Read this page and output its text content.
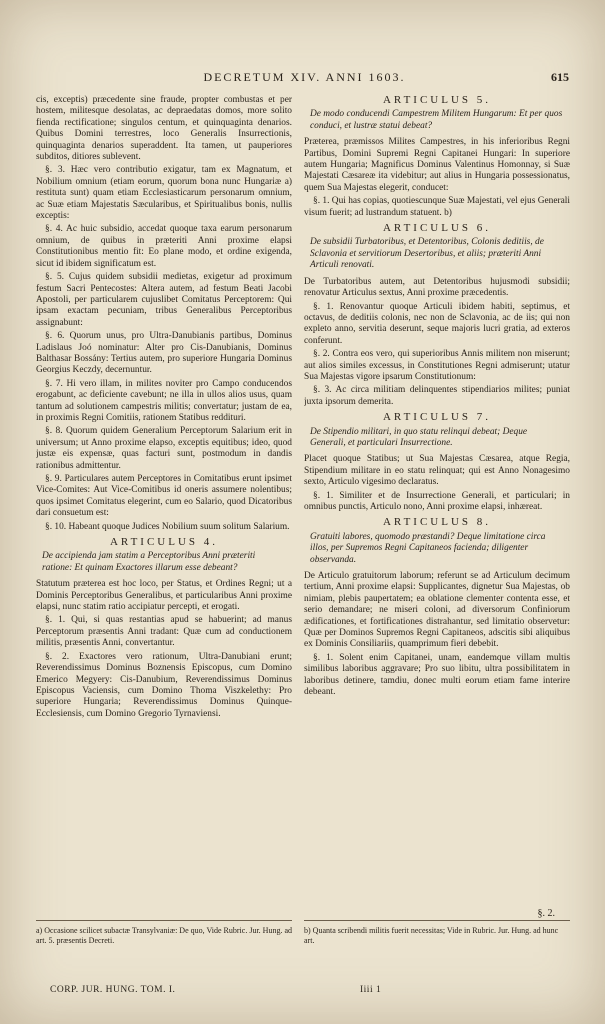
DECRETUM XIV. ANNI 1603.	615

cis, exceptis) præcedente sine fraude, propter combustas et per hostem, militesque desolatas, ac depraedatas domos, more solito fienda rectificatione; singulos centum, et quinquaginta denarios. Quibus Domini terrestres, loco Generalis Insurrectionis, quinquaginta denarios superaddent. Ita tamen, ut pauperiores subditos, ditiores sublevent.

§. 3. Hæc vero contributio exigatur, tam ex Magnatum, et Nobilium omnium (etiam eorum, quorum bona nunc Hungariæ a) restituta sunt) quam etiam Ecclesiasticarum personarum omnium, ac Suæ etiam Majestatis Sæcularibus, et Spiritualibus bonis, nullis exceptis:

§. 4. Ac huic subsidio, accedat quoque taxa earum personarum omnium, de quibus in præteriti Anni proxime elapsi Constitutionibus mentio fit: Eo plane modo, et ordine exigenda, sicut id ibidem significatum est.

§. 5. Cujus quidem subsidii medietas, exigetur ad proximum festum Sacri Pentecostes: Altera autem, ad festum Beati Jacobi Apostoli, per particularem cujuslibet Comitatus Perceptorem: Qui ipsam exactam pecuniam, tribus Generalibus Perceptoribus assignabunt:

§. 6. Quorum unus, pro Ultra-Danubianis partibus, Dominus Ladislaus Joó nominatur: Alter pro Cis-Danubianis, Dominus Balthasar Bossány: Tertius autem, pro superiore Hungaria Dominus Georgius Keczdy, decernuntur.

§. 7. Hi vero illam, in milites noviter pro Campo conducendos erogabunt, ac deficiente cavebunt; ne illa in ullos alios usus, quam tantum ad solutionem campestris militis; convertatur; justam de ea, in proximis Regni Comitiis, rationem Statibus reddituri.

§. 8. Quorum quidem Generalium Perceptorum Salarium erit in universum; ut Anno proxime elapso, exceptis equitibus; ideo, quod justæ eis expensæ, quas facturi sunt, postmodum in dandis rationibus admittentur.

§. 9. Particulares autem Perceptores in Comitatibus erunt ipsimet Vice-Comites: Aut Vice-Comitibus id oneris assumere nolentibus; quos ipsimet Comitatus elegerint, cum eo Salario, quod Dicatoribus dari consuetum est:

§. 10. Habeant quoque Judices Nobilium suum solitum Salarium.

ARTICULUS 4.
De accipienda jam statim a Perceptoribus Anni præteriti ratione: Et quinam Exactores illarum esse debeant?

Statutum præterea est hoc loco, per Status, et Ordines Regni; ut a Dominis Perceptoribus Generalibus, et particularibus Anni proxime elapsi, nunc statim ratio accipiatur percepti, et erogati.

§. 1. Qui, si quas restantias apud se habuerint; ad manus Perceptorum præsentis Anni tradant: Quæ cum ad conductionem militis, præsentis Anni, convertantur.

§. 2. Exactores vero rationum, Ultra-Danubiani erunt; Reverendissimus Dominus Boznensis Episcopus, cum Domino Emerico Megyery: Cis-Danubium, Reverendissimus Dominus Episcopus Vaciensis, cum Domino Thoma Viszkelethy: Pro superiore Hungaria; Reverendissimus Dominus Quinque-Ecclesiensis, cum Domino Gregorio Tyrnaviensi.

ARTICULUS 5.
De modo conducendi Campestrem Militem Hungarum: Et per quos conduci, et lustræ statui debeat?

Præterea, præmissos Milites Campestres, in his inferioribus Regni Partibus, Domini Supremi Regni Capitanei Hungari: In superiore autem Hungaria; Magnificus Dominus Valentinus Homonnay, si Suæ Majestati Cæsareæ ita videbitur; aut alius in Hungaria possessionatus, quem Sua Majestas elegerit, conducet:

§. 1. Qui has copias, quotiescunque Suæ Majestati, vel ejus Generali visum fuerit; ad lustrandum statuent. b)

ARTICULUS 6.
De subsidii Turbatoribus, et Detentoribus, Colonis deditiis, de Sclavonia et servitiorum Desertoribus, et aliis; præteriti Anni Articuli renovati.

De Turbatoribus autem, aut Detentoribus hujusmodi subsidii; renovatur Articulus sextus, Anni proxime præcedentis.

§. 1. Renovantur quoque Articuli ibidem habiti, septimus, et octavus, de deditiis colonis, nec non de Sclavonia, ac de iis; qui non expleto anno, servitia deserunt, seque majoris lucri gratia, ad exteros conferunt.

§. 2. Contra eos vero, qui superioribus Annis militem non miserunt; aut alios similes excessus, in Constitutiones Regni admiserunt; utatur Sua Majestas vigore ipsarum Constitutionum:

§. 3. Ac circa militiam delinquentes stipendiarios milites; puniat juxta ipsorum demerita.

ARTICULUS 7.
De Stipendio militari, in quo statu relinqui debeat; Deque Generali, et particulari Insurrectione.

Placet quoque Statibus; ut Sua Majestas Cæsarea, atque Regia, Stipendium militare in eo statu relinquat; qui est Anno Nonagesimo sexto, Articulo vigesimo declaratus.

§. 1. Similiter et de Insurrectione Generali, et particulari; in omnibus punctis, Articulo nono, Anni proxime elapsi, inhæreat.

ARTICULUS 8.
Gratuiti labores, quomodo præstandi? Deque limitatione circa illos, per Supremos Regni Capitaneos facienda; diligenter observanda.

De Articulo gratuitorum laborum; referunt se ad Articulum decimum tertium, Anni proxime elapsi: Supplicantes, dignetur Sua Majestas, ob nimiam, plebis paupertatem; ea oblatione clementer contenta esse, et serio demandare; ne miseri coloni, ad diversorum Confiniorum ædificationes, et fortificationes distrahantur, sed limitatio observetur: Quæ per Dominos Supremos Regni Capitaneos, adscitis sibi aliquibus ex Dominis Consiliariis, quamprimum fieri debebit.

§. 1. Solent enim Capitanei, unam, eandemque villam multis similibus laboribus aggravare; Pro suo libitu, ultra possibilitatem in laboribus detinere, tamdiu, donec multi eorum etiam fame interire debeant.

§. 2.
a) Occasione scilicet subactæ Transylvaniæ: De quo, Vide Rubric. Jur. Hung. ad art. 5. præsentis Decreti.
b) Quanta scribendi militis fuerit necessitas; Vide in Rubric. Jur. Hung. ad hunc art.
CORP. JUR. HUNG. TOM. I.	Iiii 1
